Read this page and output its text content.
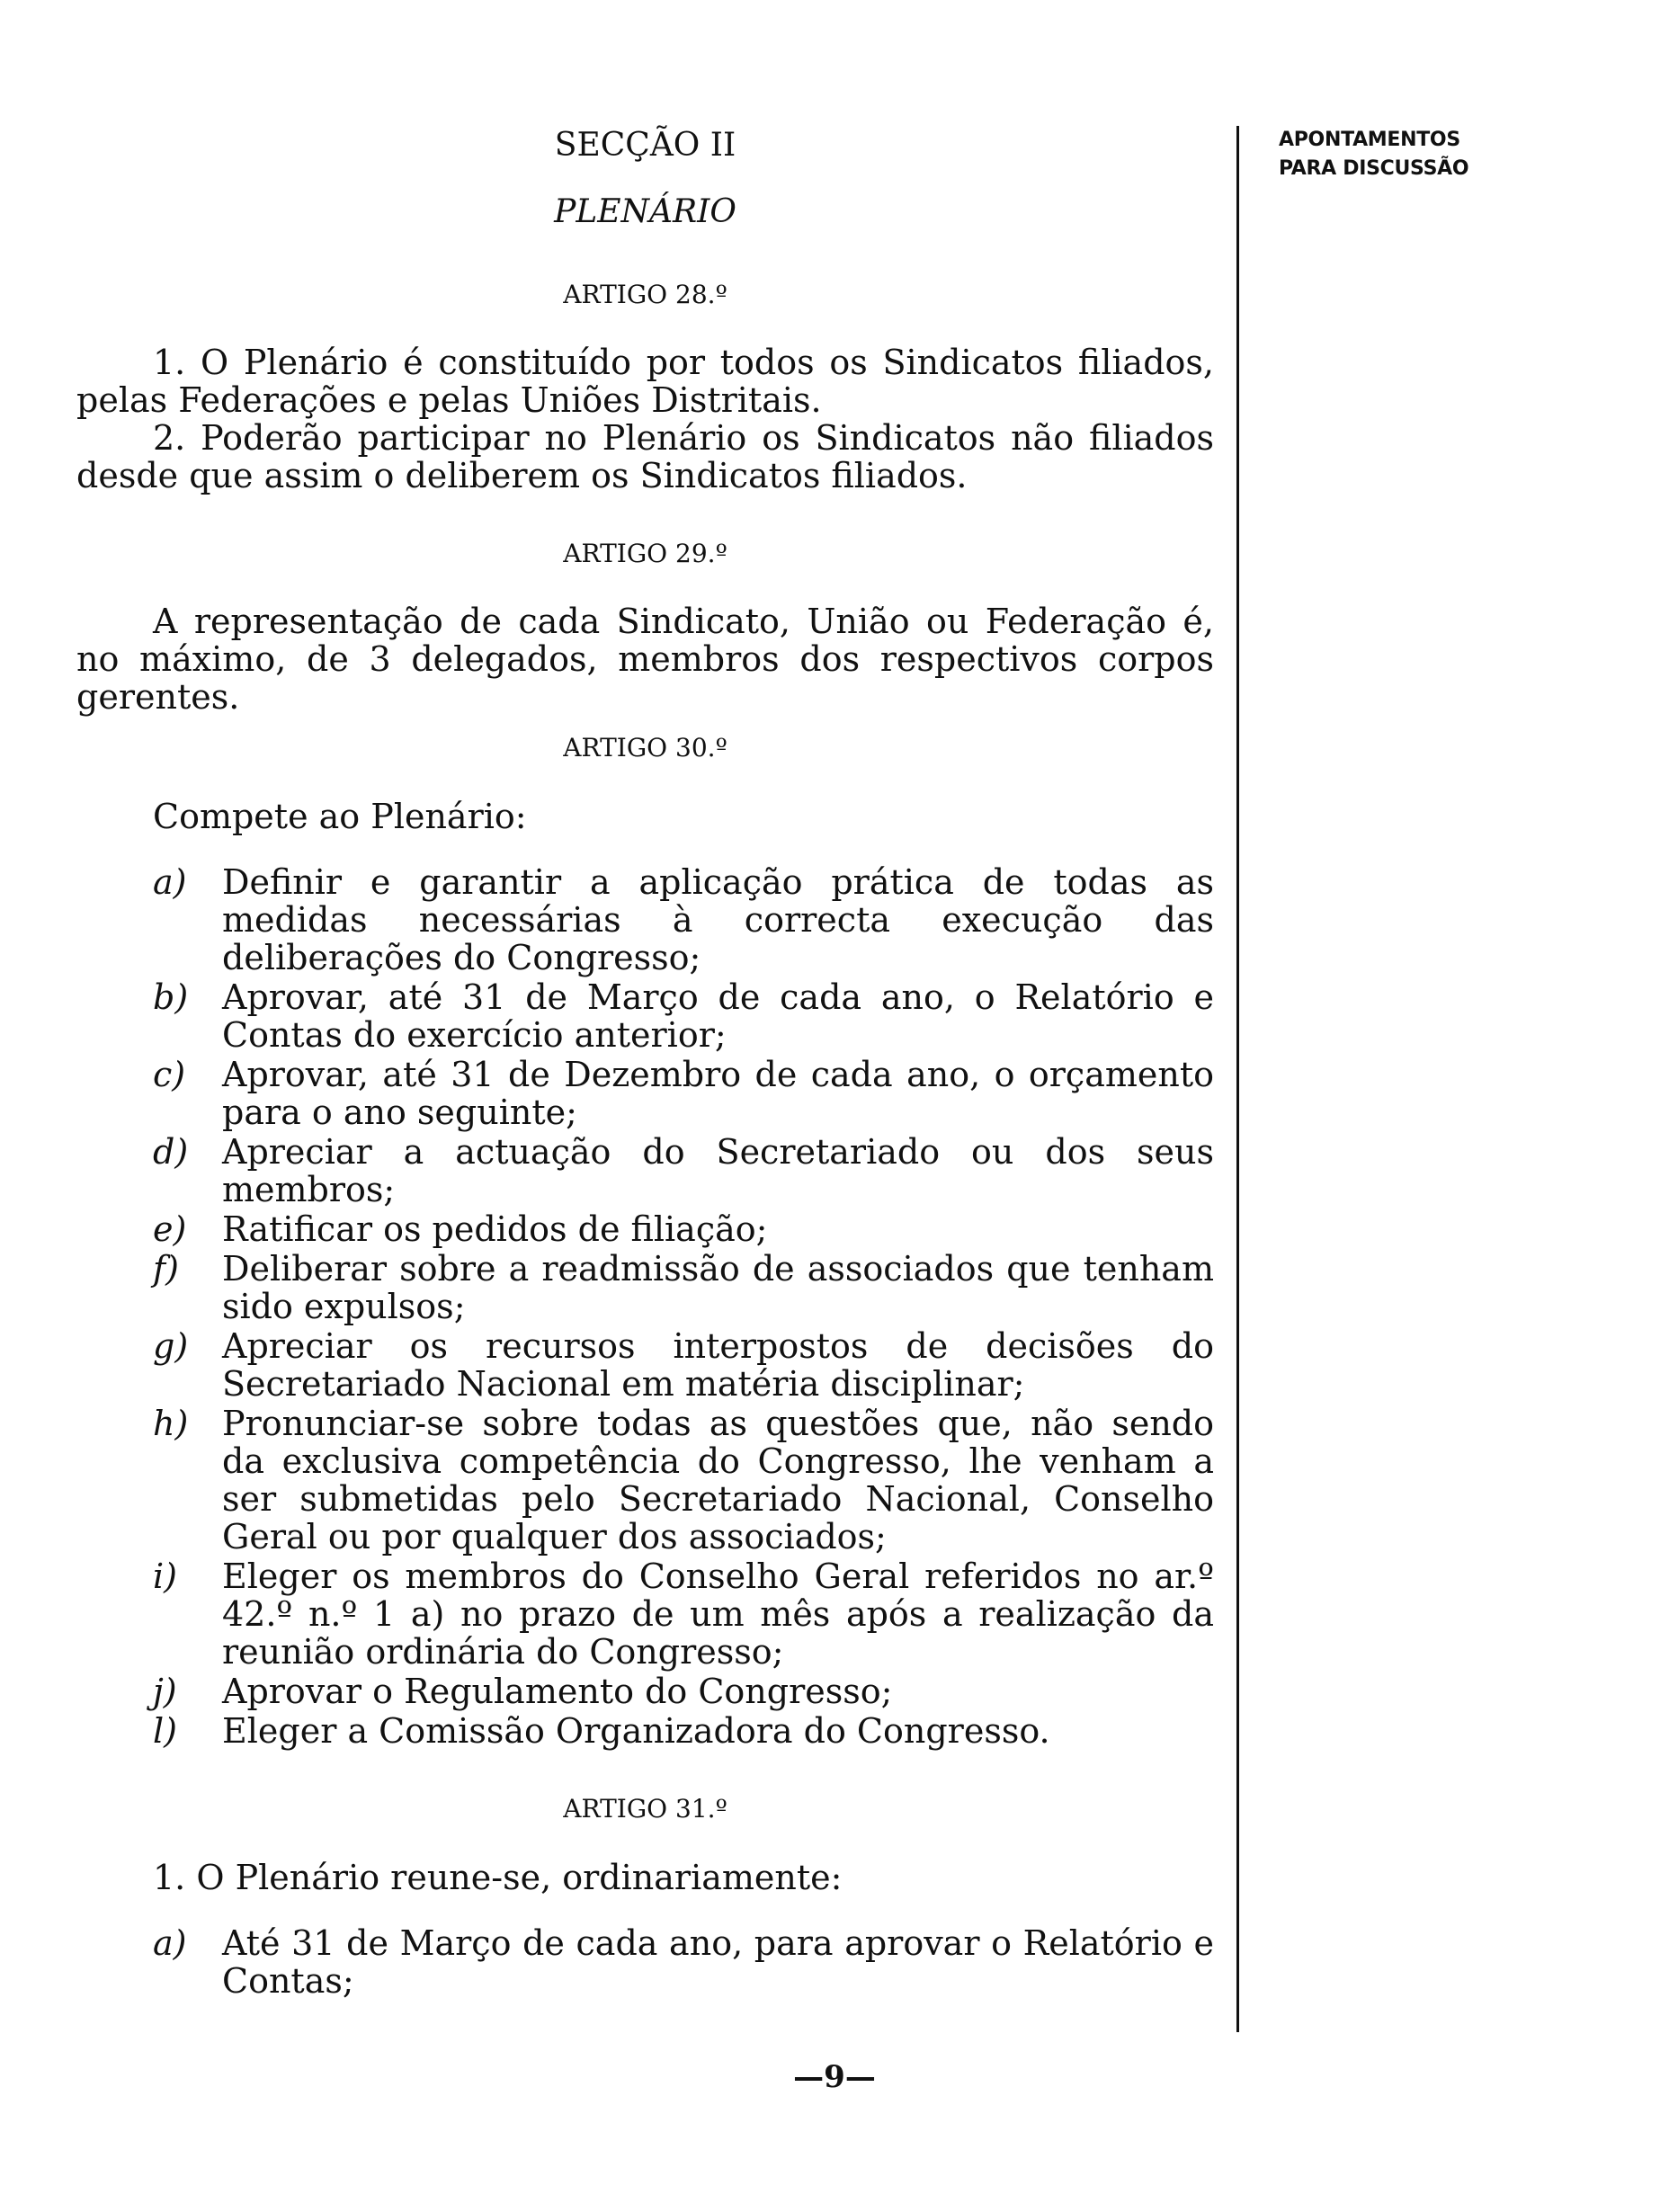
APONTAMENTOS
PARA DISCUSSÃO
SECÇÃO II
PLENÁRIO
ARTIGO 28.º

1. O Plenário é constituído por todos os Sindicatos filiados, pelas Federações e pelas Uniões Distritais.

2. Poderão participar no Plenário os Sindicatos não filiados desde que assim o deliberem os Sindicatos filiados.

ARTIGO 29.º

A representação de cada Sindicato, União ou Federação é, no máximo, de 3 delegados, membros dos respectivos corpos gerentes.

ARTIGO 30.º

Compete ao Plenário:

a) Definir e garantir a aplicação prática de todas as medidas necessárias à correcta execução das deliberações do Congresso;
b) Aprovar, até 31 de Março de cada ano, o Relatório e Contas do exercício anterior;
c) Aprovar, até 31 de Dezembro de cada ano, o orçamento para o ano seguinte;
d) Apreciar a actuação do Secretariado ou dos seus membros;
e) Ratificar os pedidos de filiação;
f) Deliberar sobre a readmissão de associados que tenham sido expulsos;
g) Apreciar os recursos interpostos de decisões do Secretariado Nacional em matéria disciplinar;
h) Pronunciar-se sobre todas as questões que, não sendo da exclusiva competência do Congresso, lhe venham a ser submetidas pelo Secretariado Nacional, Conselho Geral ou por qualquer dos associados;
i) Eleger os membros do Conselho Geral referidos no ar.º 42.º n.º 1 a) no prazo de um mês após a realização da reunião ordinária do Congresso;
j) Aprovar o Regulamento do Congresso;
l) Eleger a Comissão Organizadora do Congresso.
ARTIGO 31.º

1. O Plenário reune-se, ordinariamente:

a) Até 31 de Março de cada ano, para aprovar o Relatório e Contas;
—9—
